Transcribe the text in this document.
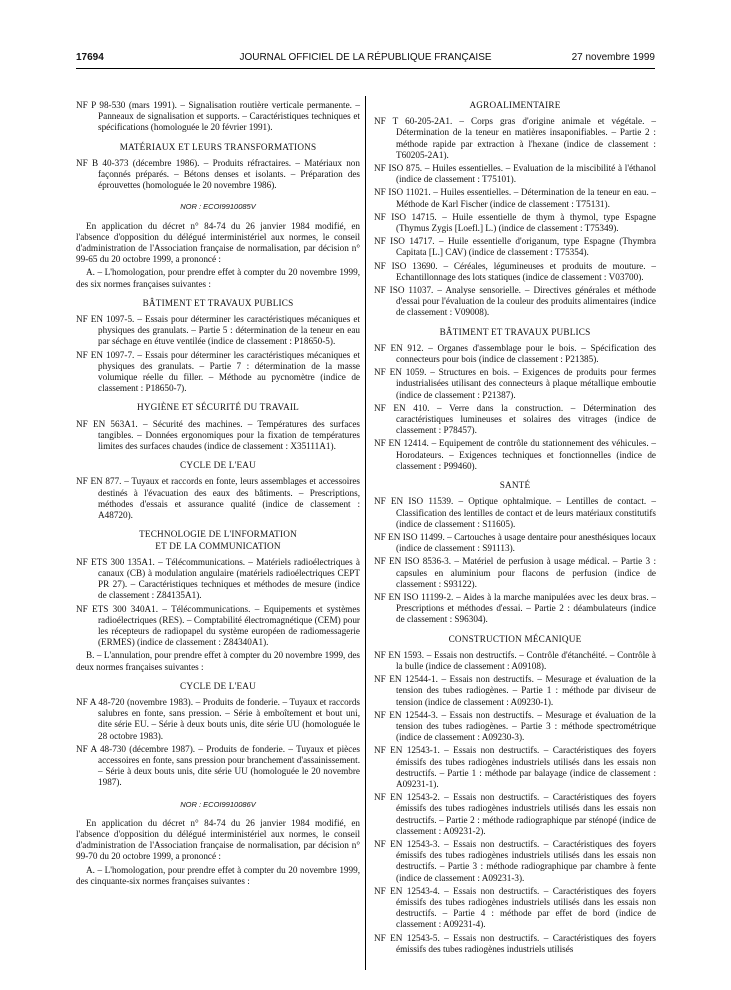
17694	JOURNAL OFFICIEL DE LA RÉPUBLIQUE FRANÇAISE	27 novembre 1999
NF P 98-530 (mars 1991). – Signalisation routière verticale permanente. – Panneaux de signalisation et supports. – Caractéristiques techniques et spécifications (homologuée le 20 février 1991).
MATÉRIAUX ET LEURS TRANSFORMATIONS
NF B 40-373 (décembre 1986). – Produits réfractaires. – Matériaux non façonnés préparés. – Bétons denses et isolants. – Préparation des éprouvettes (homologuée le 20 novembre 1986).
NOR : ECOI9910085V
En application du décret n° 84-74 du 26 janvier 1984 modifié, en l'absence d'opposition du délégué interministériel aux normes, le conseil d'administration de l'Association française de normalisation, par décision n° 99-65 du 20 octobre 1999, a prononcé :
A. – L'homologation, pour prendre effet à compter du 20 novembre 1999, des six normes françaises suivantes :
BÂTIMENT ET TRAVAUX PUBLICS
NF EN 1097-5. – Essais pour déterminer les caractéristiques mécaniques et physiques des granulats. – Partie 5 : détermination de la teneur en eau par séchage en étuve ventilée (indice de classement : P18650-5).
NF EN 1097-7. – Essais pour déterminer les caractéristiques mécaniques et physiques des granulats. – Partie 7 : détermination de la masse volumique réelle du filler. – Méthode au pycnomètre (indice de classement : P18650-7).
HYGIÈNE ET SÉCURITÉ DU TRAVAIL
NF EN 563A1. – Sécurité des machines. – Températures des surfaces tangibles. – Données ergonomiques pour la fixation de températures limites des surfaces chaudes (indice de classement : X35111A1).
CYCLE DE L'EAU
NF EN 877. – Tuyaux et raccords en fonte, leurs assemblages et accessoires destinés à l'évacuation des eaux des bâtiments. – Prescriptions, méthodes d'essais et assurance qualité (indice de classement : A48720).
TECHNOLOGIE DE L'INFORMATION
ET DE LA COMMUNICATION
NF ETS 300 135A1. – Télécommunications. – Matériels radioélectriques à canaux (CB) à modulation angulaire (matériels radioélectriques CEPT PR 27). – Caractéristiques techniques et méthodes de mesure (indice de classement : Z84135A1).
NF ETS 300 340A1. – Télécommunications. – Equipements et systèmes radioélectriques (RES). – Comptabilité électromagnétique (CEM) pour les récepteurs de radiopapel du système européen de radiomessagerie (ERMES) (indice de classement : Z84340A1).
B. – L'annulation, pour prendre effet à compter du 20 novembre 1999, des deux normes françaises suivantes :
CYCLE DE L'EAU
NF A 48-720 (novembre 1983). – Produits de fonderie. – Tuyaux et raccords salubres en fonte, sans pression. – Série à emboîtement et bout uni, dite série EU. – Série à deux bouts unis, dite série UU (homologuée le 28 octobre 1983).
NF A 48-730 (décembre 1987). – Produits de fonderie. – Tuyaux et pièces accessoires en fonte, sans pression pour branchement d'assainissement. – Série à deux bouts unis, dite série UU (homologuée le 20 novembre 1987).
NOR : ECOI9910086V
En application du décret n° 84-74 du 26 janvier 1984 modifié, en l'absence d'opposition du délégué interministériel aux normes, le conseil d'administration de l'Association française de normalisation, par décision n° 99-70 du 20 octobre 1999, a prononcé :
A. – L'homologation, pour prendre effet à compter du 20 novembre 1999, des cinquante-six normes françaises suivantes :
AGROALIMENTAIRE
NF T 60-205-2A1. – Corps gras d'origine animale et végétale. – Détermination de la teneur en matières insaponifiables. – Partie 2 : méthode rapide par extraction à l'hexane (indice de classement : T60205-2A1).
NF ISO 875. – Huiles essentielles. – Evaluation de la miscibilité à l'éthanol (indice de classement : T75101).
NF ISO 11021. – Huiles essentielles. – Détermination de la teneur en eau. – Méthode de Karl Fischer (indice de classement : T75131).
NF ISO 14715. – Huile essentielle de thym à thymol, type Espagne (Thymus Zygis [Loefl.] L.) (indice de classement : T75349).
NF ISO 14717. – Huile essentielle d'origanum, type Espagne (Thymbra Capitata [L.] CAV) (indice de classement : T75354).
NF ISO 13690. – Céréales, légumineuses et produits de mouture. – Echantillonnage des lots statiques (indice de classement : V03700).
NF ISO 11037. – Analyse sensorielle. – Directives générales et méthode d'essai pour l'évaluation de la couleur des produits alimentaires (indice de classement : V09008).
BÂTIMENT ET TRAVAUX PUBLICS
NF EN 912. – Organes d'assemblage pour le bois. – Spécification des connecteurs pour bois (indice de classement : P21385).
NF EN 1059. – Structures en bois. – Exigences de produits pour fermes industrialisées utilisant des connecteurs à plaque métallique emboutie (indice de classement : P21387).
NF EN 410. – Verre dans la construction. – Détermination des caractéristiques lumineuses et solaires des vitrages (indice de classement : P78457).
NF EN 12414. – Equipement de contrôle du stationnement des véhicules. – Horodateurs. – Exigences techniques et fonctionnelles (indice de classement : P99460).
SANTÉ
NF EN ISO 11539. – Optique ophtalmique. – Lentilles de contact. – Classification des lentilles de contact et de leurs matériaux constitutifs (indice de classement : S11605).
NF EN ISO 11499. – Cartouches à usage dentaire pour anesthésiques locaux (indice de classement : S91113).
NF EN ISO 8536-3. – Matériel de perfusion à usage médical. – Partie 3 : capsules en aluminium pour flacons de perfusion (indice de classement : S93122).
NF EN ISO 11199-2. – Aides à la marche manipulées avec les deux bras. – Prescriptions et méthodes d'essai. – Partie 2 : déambulateurs (indice de classement : S96304).
CONSTRUCTION MÉCANIQUE
NF EN 1593. – Essais non destructifs. – Contrôle d'étanchéité. – Contrôle à la bulle (indice de classement : A09108).
NF EN 12544-1. – Essais non destructifs. – Mesurage et évaluation de la tension des tubes radiogènes. – Partie 1 : méthode par diviseur de tension (indice de classement : A09230-1).
NF EN 12544-3. – Essais non destructifs. – Mesurage et évaluation de la tension des tubes radiogènes. – Partie 3 : méthode spectrométrique (indice de classement : A09230-3).
NF EN 12543-1. – Essais non destructifs. – Caractéristiques des foyers émissifs des tubes radiogènes industriels utilisés dans les essais non destructifs. – Partie 1 : méthode par balayage (indice de classement : A09231-1).
NF EN 12543-2. – Essais non destructifs. – Caractéristiques des foyers émissifs des tubes radiogènes industriels utilisés dans les essais non destructifs. – Partie 2 : méthode radiographique par sténopé (indice de classement : A09231-2).
NF EN 12543-3. – Essais non destructifs. – Caractéristiques des foyers émissifs des tubes radiogènes industriels utilisés dans les essais non destructifs. – Partie 3 : méthode radiographique par chambre à fente (indice de classement : A09231-3).
NF EN 12543-4. – Essais non destructifs. – Caractéristiques des foyers émissifs des tubes radiogènes industriels utilisés dans les essais non destructifs. – Partie 4 : méthode par effet de bord (indice de classement : A09231-4).
NF EN 12543-5. – Essais non destructifs. – Caractéristiques des foyers émissifs des tubes radiogènes industriels utilisés
